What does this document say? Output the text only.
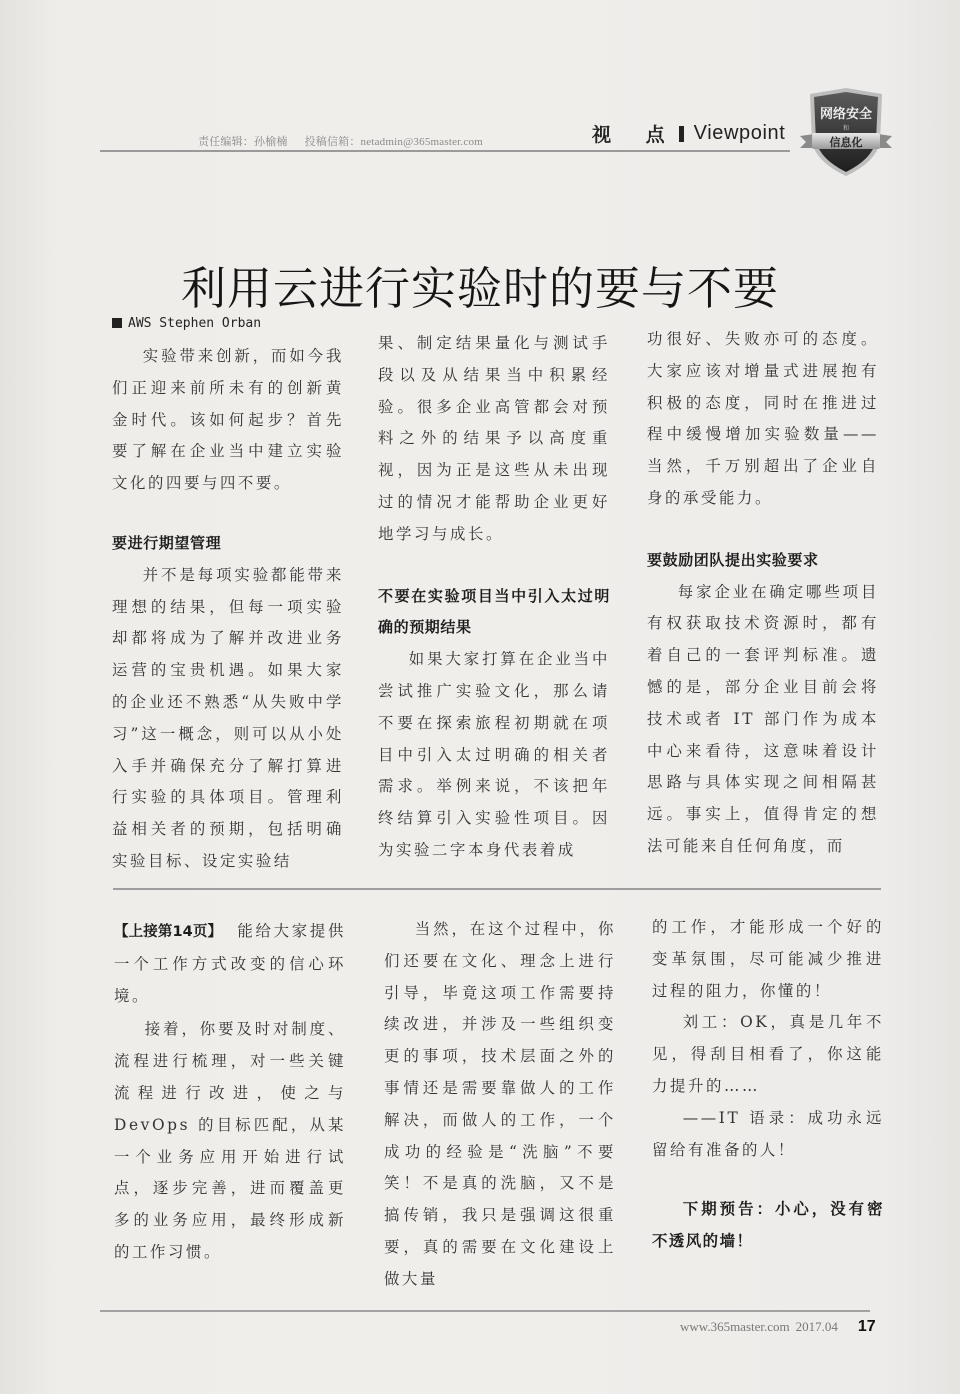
责任编辑：孙榆楠 投稿信箱：netadmin@365master.com	视 点 Viewpoint
网络安全
和
信息化
利用云进行实验时的要与不要

AWS Stephen Orban

实验带来创新，而如今我们正迎来前所未有的创新黄金时代。该如何起步？首先要了解在企业当中建立实验文化的四要与四不要。

要进行期望管理

并不是每项实验都能带来理想的结果，但每一项实验却都将成为了解并改进业务运营的宝贵机遇。如果大家的企业还不熟悉“从失败中学习”这一概念，则可以从小处入手并确保充分了解打算进行实验的具体项目。管理利益相关者的预期，包括明确实验目标、设定实验结

果、制定结果量化与测试手段以及从结果当中积累经验。很多企业高管都会对预料之外的结果予以高度重视，因为正是这些从未出现过的情况才能帮助企业更好地学习与成长。

不要在实验项目当中引入太过明确的预期结果

如果大家打算在企业当中尝试推广实验文化，那么请不要在探索旅程初期就在项目中引入太过明确的相关者需求。举例来说，不该把年终结算引入实验性项目。因为实验二字本身代表着成

功很好、失败亦可的态度。大家应该对增量式进展抱有积极的态度，同时在推进过程中缓慢增加实验数量——当然，千万别超出了企业自身的承受能力。

要鼓励团队提出实验要求

每家企业在确定哪些项目有权获取技术资源时，都有着自己的一套评判标准。遗憾的是，部分企业目前会将技术或者 IT 部门作为成本中心来看待，这意味着设计思路与具体实现之间相隔甚远。事实上，值得肯定的想法可能来自任何角度，而

【上接第14页】 能给大家提供一个工作方式改变的信心环境。

接着，你要及时对制度、流程进行梳理，对一些关键流程进行改进，使之与 DevOps 的目标匹配，从某一个业务应用开始进行试点，逐步完善，进而覆盖更多的业务应用，最终形成新的工作习惯。

当然，在这个过程中，你们还要在文化、理念上进行引导，毕竟这项工作需要持续改进，并涉及一些组织变更的事项，技术层面之外的事情还是需要靠做人的工作解决，而做人的工作，一个成功的经验是“洗脑”不要笑！不是真的洗脑，又不是搞传销，我只是强调这很重要，真的需要在文化建设上做大量

的工作，才能形成一个好的变革氛围，尽可能减少推进过程的阻力，你懂的！

刘工：OK，真是几年不见，得刮目相看了，你这能力提升的……

——IT 语录：成功永远留给有准备的人！

下期预告：小心，没有密不透风的墙！

www.365master.com 2017.04 17
